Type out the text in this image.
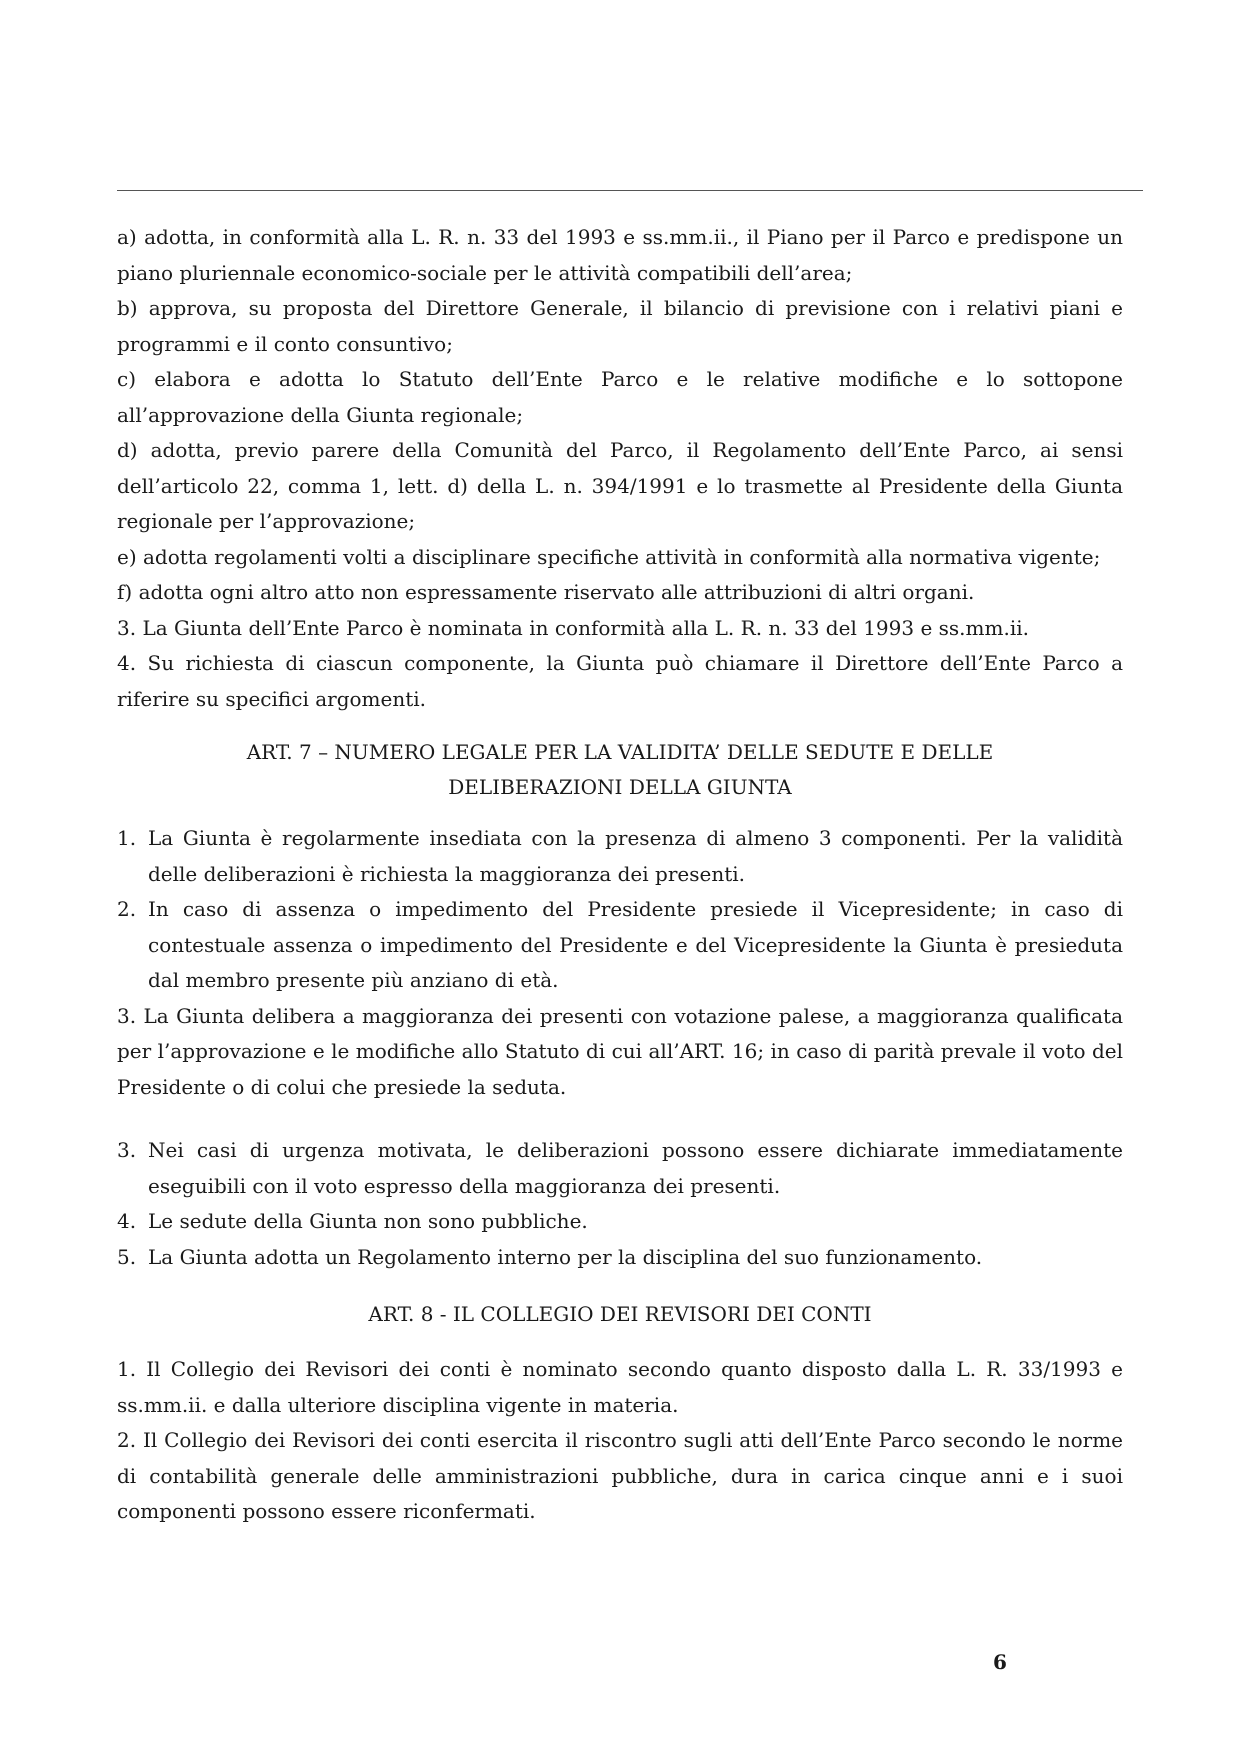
a) adotta, in conformità alla L. R. n. 33 del 1993 e ss.mm.ii., il Piano per il Parco e predispone un piano pluriennale economico-sociale per le attività compatibili dell’area;

b) approva, su proposta del Direttore Generale, il bilancio di previsione con i relativi piani e programmi e il conto consuntivo;

c) elabora e adotta lo Statuto dell’Ente Parco e le relative modifiche e lo sottopone all’approvazione della Giunta regionale;

d) adotta, previo parere della Comunità del Parco, il Regolamento dell’Ente Parco, ai sensi dell’articolo 22, comma 1, lett. d) della L. n. 394/1991 e lo trasmette al Presidente della Giunta regionale per l’approvazione;

e) adotta regolamenti volti a disciplinare specifiche attività in conformità alla normativa vigente;

f) adotta ogni altro atto non espressamente riservato alle attribuzioni di altri organi.

3. La Giunta dell’Ente Parco è nominata in conformità alla L. R. n. 33 del 1993 e ss.mm.ii.

4. Su richiesta di ciascun componente, la Giunta può chiamare il Direttore dell’Ente Parco a riferire su specifici argomenti.

ART. 7 – NUMERO LEGALE PER LA VALIDITA’ DELLE SEDUTE E DELLE

DELIBERAZIONI DELLA GIUNTA

1. La Giunta è regolarmente insediata con la presenza di almeno 3 componenti. Per la validità delle deliberazioni è richiesta la maggioranza dei presenti.
2. In caso di assenza o impedimento del Presidente presiede il Vicepresidente; in caso di contestuale assenza o impedimento del Presidente e del Vicepresidente la Giunta è presieduta dal membro presente più anziano di età.

3. La Giunta delibera a maggioranza dei presenti con votazione palese, a maggioranza qualificata per l’approvazione e le modifiche allo Statuto di cui all’ART. 16; in caso di parità prevale il voto del Presidente o di colui che presiede la seduta.

3. Nei casi di urgenza motivata, le deliberazioni possono essere dichiarate immediatamente eseguibili con il voto espresso della maggioranza dei presenti.
4. Le sedute della Giunta non sono pubbliche.
5. La Giunta adotta un Regolamento interno per la disciplina del suo funzionamento.

ART. 8 - IL COLLEGIO DEI REVISORI DEI CONTI

1. Il Collegio dei Revisori dei conti è nominato secondo quanto disposto dalla L. R. 33/1993 e ss.mm.ii. e dalla ulteriore disciplina vigente in materia.

2. Il Collegio dei Revisori dei conti esercita il riscontro sugli atti dell’Ente Parco secondo le norme di contabilità generale delle amministrazioni pubbliche, dura in carica cinque anni e i suoi componenti possono essere riconfermati.

6
